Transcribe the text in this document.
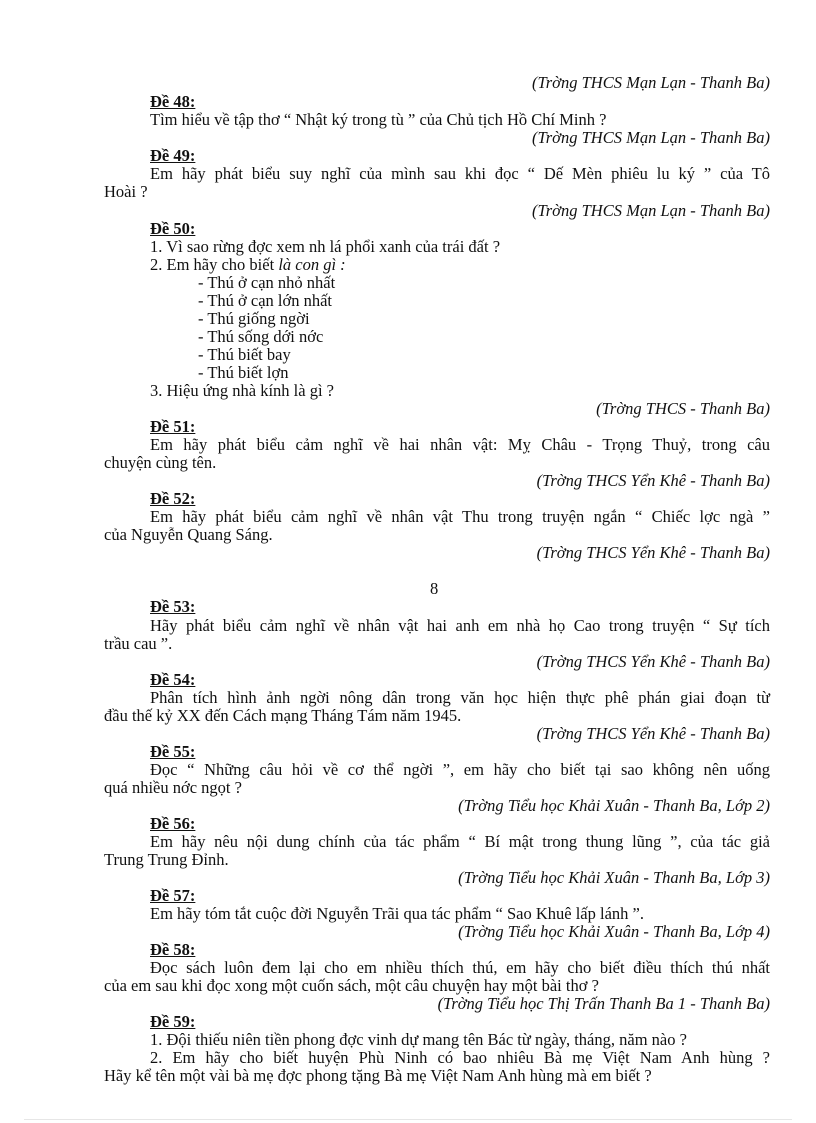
(Trờng THCS Mạn Lạn - Thanh Ba)
Đề 48:
Tìm hiểu về tập thơ “ Nhật ký trong tù ” của Chủ tịch Hồ Chí Minh ?
(Trờng THCS Mạn Lạn - Thanh Ba)
Đề 49:
Em hãy phát biểu suy nghĩ của mình sau khi đọc “ Dế Mèn phiêu lu ký ” của Tô
Hoài ?
(Trờng THCS Mạn Lạn - Thanh Ba)
Đề 50:
1. Vì sao rừng đợc xem nh lá phổi xanh của trái đất ?
2. Em hãy cho biết là con gì :
- Thú ở cạn nhỏ nhất
- Thú ở cạn lớn nhất
- Thú giống ngời
- Thú sống dới nớc
- Thú biết bay
- Thú biết lợn
3. Hiệu ứng nhà kính là gì ?
(Trờng THCS - Thanh Ba)
Đề 51:
Em hãy phát biểu cảm nghĩ về hai nhân vật: Mỵ Châu - Trọng Thuỷ, trong câu
chuyện cùng tên.
(Trờng THCS Yển Khê - Thanh Ba)
Đề 52:
Em hãy phát biểu cảm nghĩ về nhân vật Thu trong truyện ngắn “ Chiếc lợc ngà ”
của Nguyễn Quang Sáng.
(Trờng THCS Yển Khê - Thanh Ba)
8
Đề 53:
Hãy phát biểu cảm nghĩ về nhân vật hai anh em nhà họ Cao trong truyện “ Sự tích
trầu cau ”.
(Trờng THCS Yển Khê - Thanh Ba)
Đề 54:
Phân tích hình ảnh ngời nông dân trong văn học hiện thực phê phán giai đoạn từ
đầu thế kỷ XX đến Cách mạng Tháng Tám năm 1945.
(Trờng THCS Yển Khê - Thanh Ba)
Đề 55:
Đọc “ Những câu hỏi về cơ thể ngời ”, em hãy cho biết tại sao không nên uống
quá nhiều nớc ngọt ?
(Trờng Tiểu học Khải Xuân - Thanh Ba, Lớp 2)
Đề 56:
Em hãy nêu nội dung chính của tác phẩm “ Bí mật trong thung lũng ”, của tác giả
Trung Trung Đỉnh.
(Trờng Tiểu học Khải Xuân - Thanh Ba, Lớp 3)
Đề 57:
Em hãy tóm tắt cuộc đời Nguyễn Trãi qua tác phẩm “ Sao Khuê lấp lánh ”.
(Trờng Tiểu học Khải Xuân - Thanh Ba, Lớp 4)
Đề 58:
Đọc sách luôn đem lại cho em nhiều thích thú, em hãy cho biết điều thích thú nhất
của em sau khi đọc xong một cuốn sách, một câu chuyện hay một bài thơ ?
(Trờng Tiểu học Thị Trấn Thanh Ba 1 - Thanh Ba)
Đề 59:
1. Đội thiếu niên tiền phong đợc vinh dự mang tên Bác từ ngày, tháng, năm nào ?
2. Em hãy cho biết huyện Phù Ninh có bao nhiêu Bà mẹ Việt Nam Anh hùng ?
Hãy kể tên một vài bà mẹ đợc phong tặng Bà mẹ Việt Nam Anh hùng mà em biết ?
